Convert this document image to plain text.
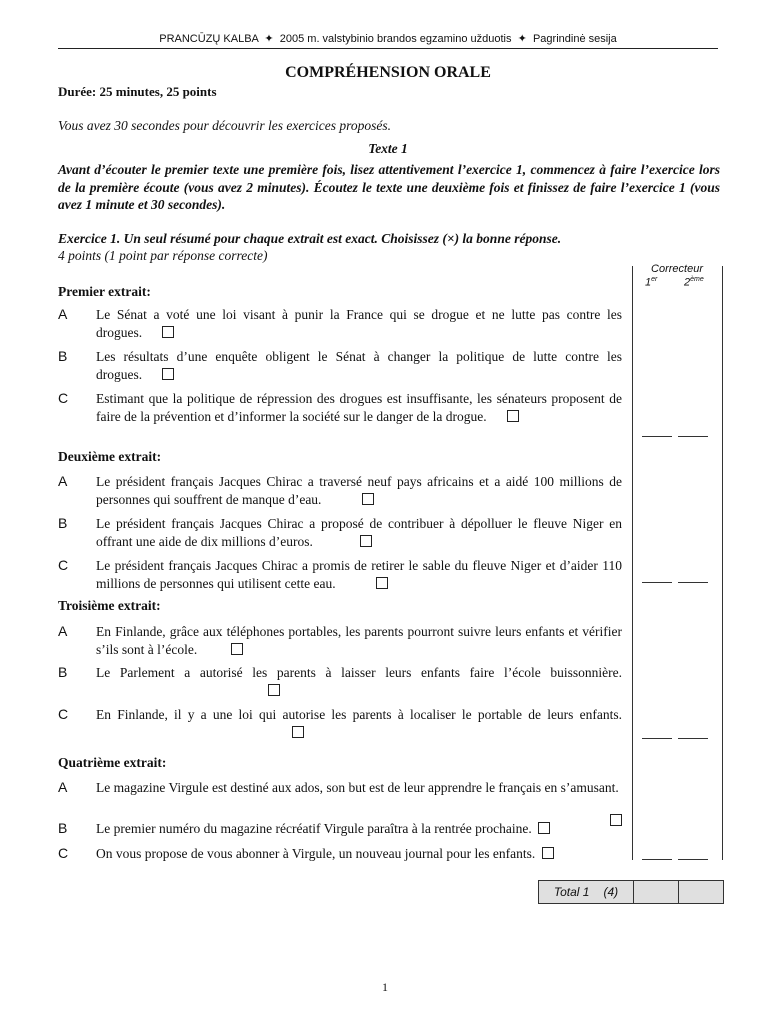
PRANCŪZŲ KALBA ✦ 2005 m. valstybinio brandos egzamino užduotis ✦ Pagrindinė sesija
COMPRÉHENSION ORALE
Durée: 25 minutes, 25 points
Vous avez 30 secondes pour découvrir les exercices proposés.
Texte 1
Avant d’écouter le premier texte une première fois, lisez attentivement l’exercice 1, commencez à faire l’exercice lors de la première écoute (vous avez 2 minutes). Écoutez le texte une deuxième fois et finissez de faire l’exercice 1 (vous avez 1 minute et 30 secondes).
Exercice 1. Un seul résumé pour chaque extrait est exact. Choisissez (×) la bonne réponse.
4 points (1 point par réponse correcte)
Correcteur
1er 2ème
Premier extrait:
A Le Sénat a voté une loi visant à punir la France qui se drogue et ne lutte pas contre les drogues.
B Les résultats d’une enquête obligent le Sénat à changer la politique de lutte contre les drogues.
C Estimant que la politique de répression des drogues est insuffisante, les sénateurs proposent de faire de la prévention et d’informer la société sur le danger de la drogue.
Deuxième extrait:
A Le président français Jacques Chirac a traversé neuf pays africains et a aidé 100 millions de personnes qui souffrent de manque d’eau.
B Le président français Jacques Chirac a proposé de contribuer à dépolluer le fleuve Niger en offrant une aide de dix millions d’euros.
C Le président français Jacques Chirac a promis de retirer le sable du fleuve Niger et d’aider 110 millions de personnes qui utilisent cette eau.
Troisième extrait:
A En Finlande, grâce aux téléphones portables, les parents pourront suivre leurs enfants et vérifier s’ils sont à l’école.
B Le Parlement a autorisé les parents à laisser leurs enfants faire l’école buissonnière.
C En Finlande, il y a une loi qui autorise les parents à localiser le portable de leurs enfants.
Quatrième extrait:
A Le magazine Virgule est destiné aux ados, son but est de leur apprendre le français en s’amusant.
B Le premier numéro du magazine récréatif Virgule paraîtra à la rentrée prochaine.
C On vous propose de vous abonner à Virgule, un nouveau journal pour les enfants.
Total 1 (4)
1
